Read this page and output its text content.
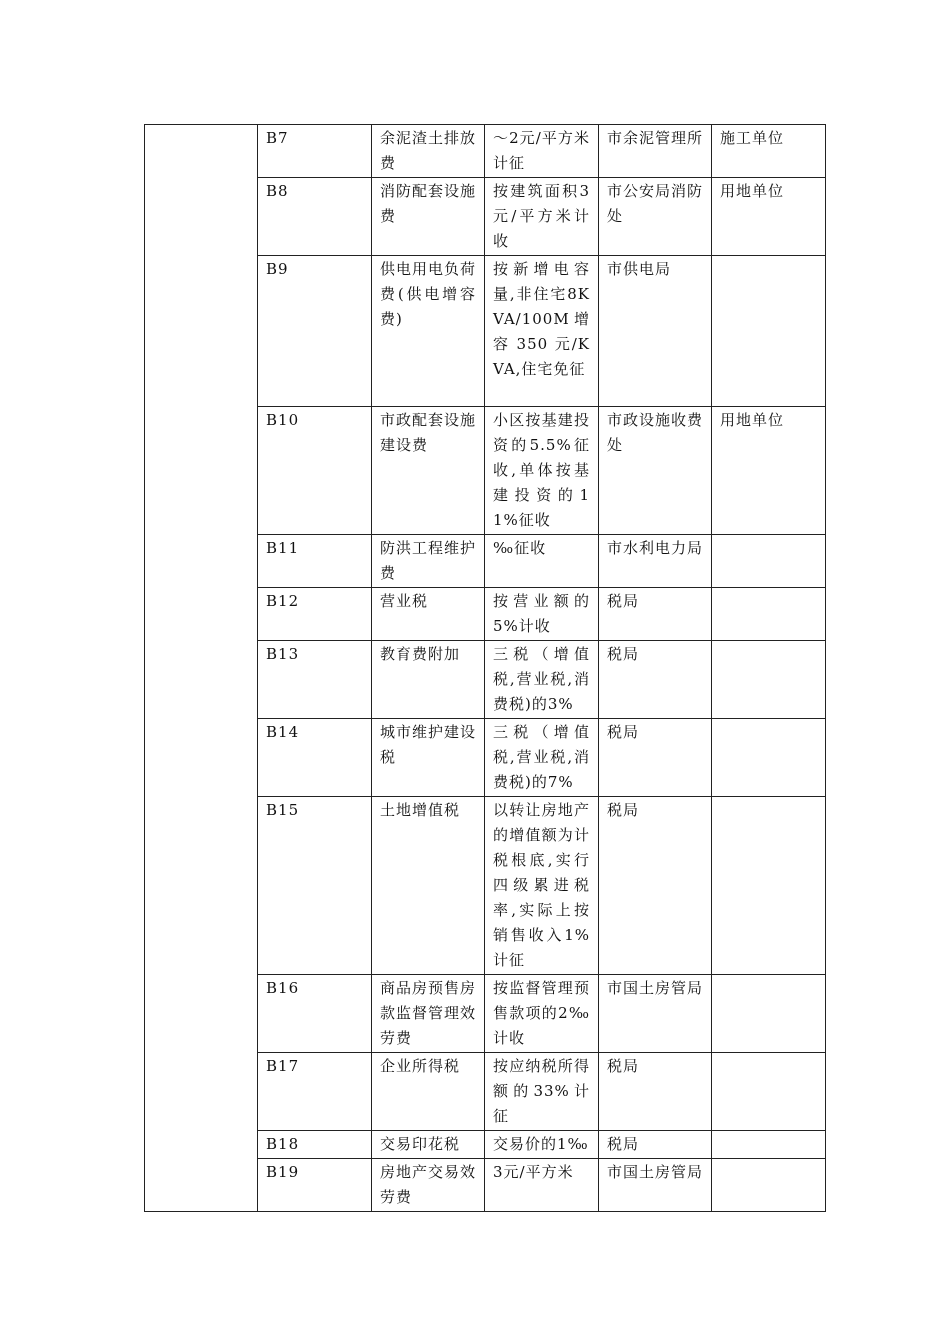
	B7	余泥渣土排放费	～2元/平方米计征	市余泥管理所	施工单位
	B8	消防配套设施费	按建筑面积3元/平方米计收	市公安局消防处	用地单位
	B9	供电用电负荷费(供电增容费)	按新增电容量,非住宅8KVA/100M增容 350 元/KVA,住宅免征	市供电局	
	B10	市政配套设施建设费	小区按基建投资的5.5%征收,单体按基建投资的11%征收	市政设施收费处	用地单位
	B11	防洪工程维护费	‰征收	市水利电力局	
	B12	营业税	按营业额的5%计收	税局	
	B13	教育费附加	三税（增值税,营业税,消费税)的3%	税局	
	B14	城市维护建设税	三税（增值税,营业税,消费税)的7%	税局	
	B15	土地增值税	以转让房地产的增值额为计税根底,实行四级累进税率,实际上按销售收入1%计征	税局	
	B16	商品房预售房款监督管理效劳费	按监督管理预售款项的2‰计收	市国土房管局	
	B17	企业所得税	按应纳税所得额的33%计征	税局	
	B18	交易印花税	交易价的1‰	税局	
	B19	房地产交易效劳费	3元/平方米	市国土房管局	
